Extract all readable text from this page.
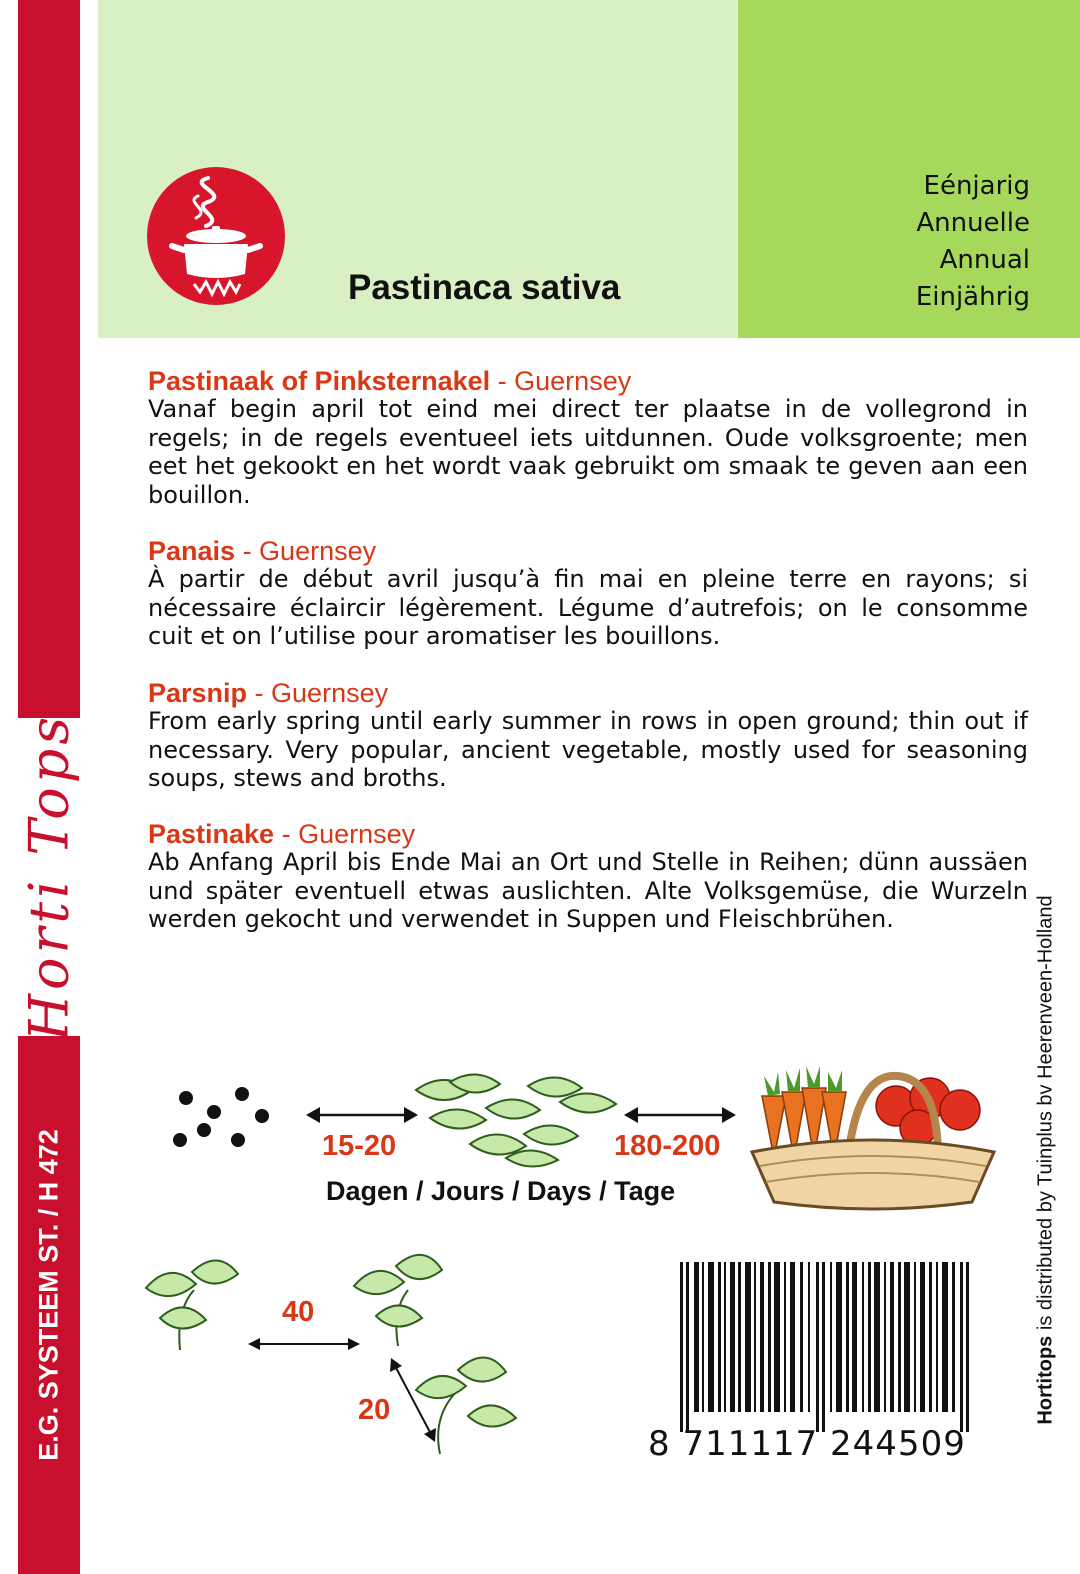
Horti Tops
E.G. SYSTEEM ST. / H 472
Pastinaca sativa
Eénjarig
Annuelle
Annual
Einjährig
Pastinaak of Pinksternakel - Guernsey
Vanaf begin april tot eind mei direct ter plaatse in de vollegrond in regels; in de regels eventueel iets uitdunnen. Oude volksgroente; men eet het gekookt en het wordt vaak gebruikt om smaak te geven aan een bouillon.
Panais - Guernsey
À partir de début avril jusqu’à fin mai en pleine terre en rayons; si nécessaire éclaircir légèrement. Légume d’autrefois; on le consomme cuit et on l’utilise pour aromatiser les bouillons.
Parsnip - Guernsey
From early spring until early summer in rows in open ground; thin out if necessary. Very popular, ancient vegetable, mostly used for seasoning soups, stews and broths.
Pastinake - Guernsey
Ab Anfang April bis Ende Mai an Ort und Stelle in Reihen; dünn aussäen und später eventuell etwas auslichten. Alte Volksgemüse, die Wurzeln werden gekocht und verwendet in Suppen und Fleischbrühen.
15-20	180-200
Dagen / Jours / Days / Tage
40
20
8 711117 244509
Hortitops is distributed by Tuinplus bv Heerenveen-Holland
